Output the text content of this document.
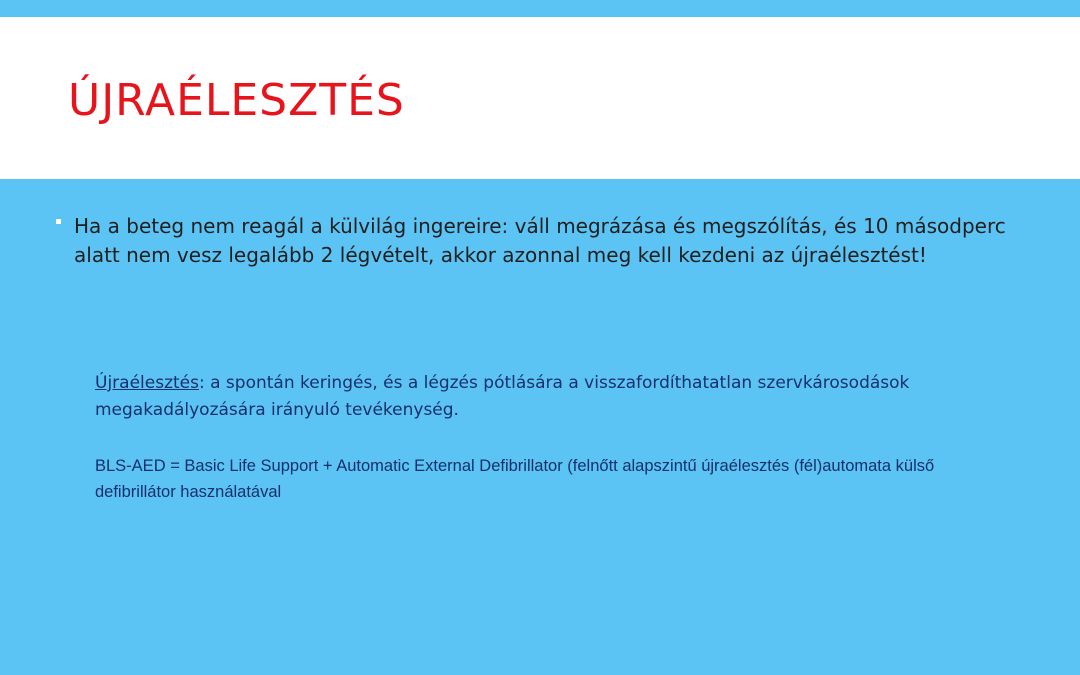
ÚJRAÉLESZTÉS

Ha a beteg nem reagál a külvilág ingereire: váll megrázása és megszólítás, és 10 másodperc alatt nem vesz legalább 2 légvételt, akkor azonnal meg kell kezdeni az újraélesztést!

Újraélesztés: a spontán keringés, és a légzés pótlására a visszafordíthatatlan szervkárosodások megakadályozására irányuló tevékenység.

BLS-AED = Basic Life Support + Automatic External Defibrillator (felnőtt alapszintű újraélesztés (fél)automata külső defibrillátor használatával
